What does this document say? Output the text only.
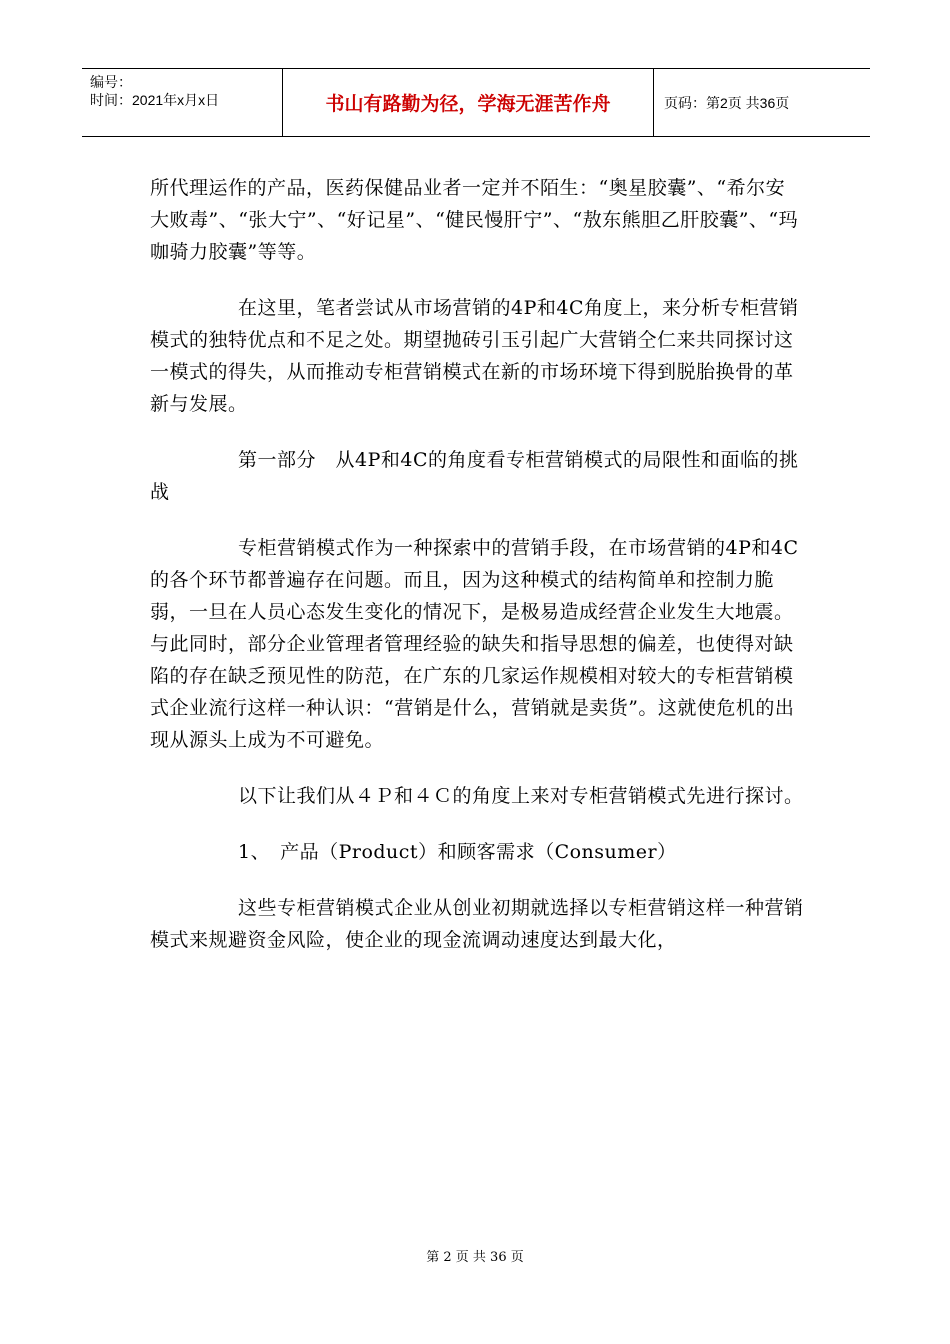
编号：
时间：2021年x月x日	书山有路勤为径，学海无涯苦作舟	页码：第2页 共36页

所代理运作的产品，医药保健品业者一定并不陌生：“奥星胶囊”、“希尔安大败毒”、“张大宁”、“好记星”、“健民慢肝宁”、“敖东熊胆乙肝胶囊”、“玛咖骑力胶囊”等等。

在这里，笔者尝试从市场营销的4P和4C角度上，来分析专柜营销模式的独特优点和不足之处。期望抛砖引玉引起广大营销仝仁来共同探讨这一模式的得失，从而推动专柜营销模式在新的市场环境下得到脱胎换骨的革新与发展。

第一部分　从4P和4C的角度看专柜营销模式的局限性和面临的挑战

专柜营销模式作为一种探索中的营销手段，在市场营销的4P和4C的各个环节都普遍存在问题。而且，因为这种模式的结构简单和控制力脆弱，一旦在人员心态发生变化的情况下，是极易造成经营企业发生大地震。与此同时，部分企业管理者管理经验的缺失和指导思想的偏差，也使得对缺陷的存在缺乏预见性的防范，在广东的几家运作规模相对较大的专柜营销模式企业流行这样一种认识：“营销是什么，营销就是卖货”。这就使危机的出现从源头上成为不可避免。

以下让我们从４Ｐ和４Ｃ的角度上来对专柜营销模式先进行探讨。

1、　产品（Product）和顾客需求（Consumer）

这些专柜营销模式企业从创业初期就选择以专柜营销这样一种营销模式来规避资金风险，使企业的现金流调动速度达到最大化，

第 2 页 共 36 页
